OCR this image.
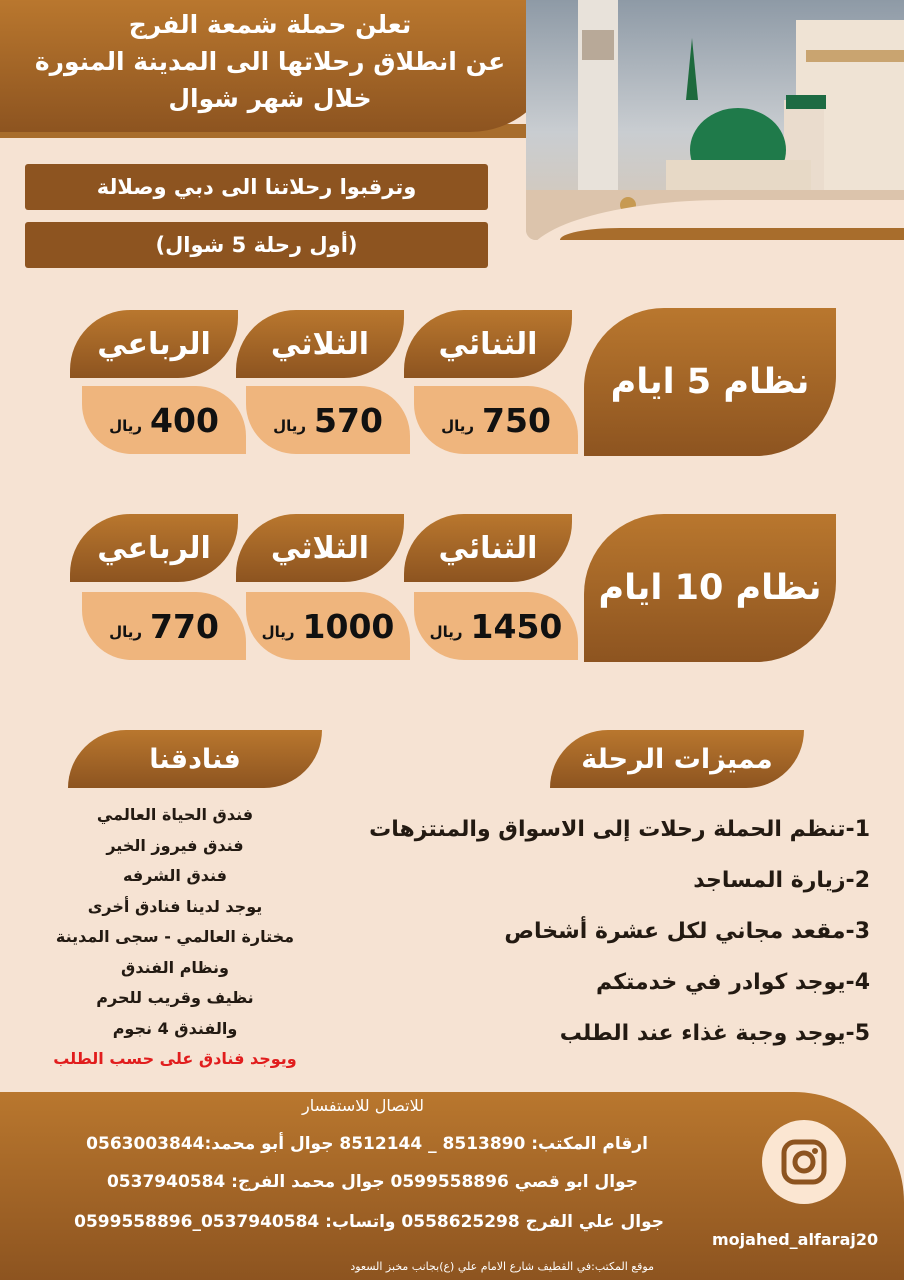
تعلن حملة شمعة الفرج
عن انطلاق رحلاتها الى المدينة المنورة
خلال شهر شوال
وترقبوا رحلاتنا الى دبي وصلالة
(أول رحلة 5 شوال)
نظام 5 ايام
الثنائي
750
ريال
الثلاثي
570
ريال
الرباعي
400
ريال
نظام 10 ايام
الثنائي
1450
ريال
الثلاثي
1000
ريال
الرباعي
770
ريال
فنادقنا	مميزات الرحلة
فندق الحياة العالمي
فندق فيروز الخير
فندق الشرفه
يوجد لدينا فنادق أخرى
مختارة العالمي - سجى المدينة
ونظام الفندق
نظيف وقريب للحرم
والفندق 4 نجوم
ويوجد فنادق على حسب الطلب
1-تنظم الحملة رحلات إلى الاسواق والمنتزهات
2-زيارة المساجد
3-مقعد مجاني لكل عشرة أشخاص
4-يوجد كوادر في خدمتكم
5-يوجد وجبة غذاء عند الطلب
للاتصال للاستفسار
ارقام المكتب: 8513890 _ 8512144 جوال أبو محمد:0563003844
جوال ابو قصي 0599558896 جوال محمد الفرج: 0537940584
جوال علي الفرج 0558625298 واتساب: 0537940584_0599558896
موقع المكتب:في القطيف شارع الامام علي (ع)بجانب مخبز السعود
mojahed_alfaraj20
